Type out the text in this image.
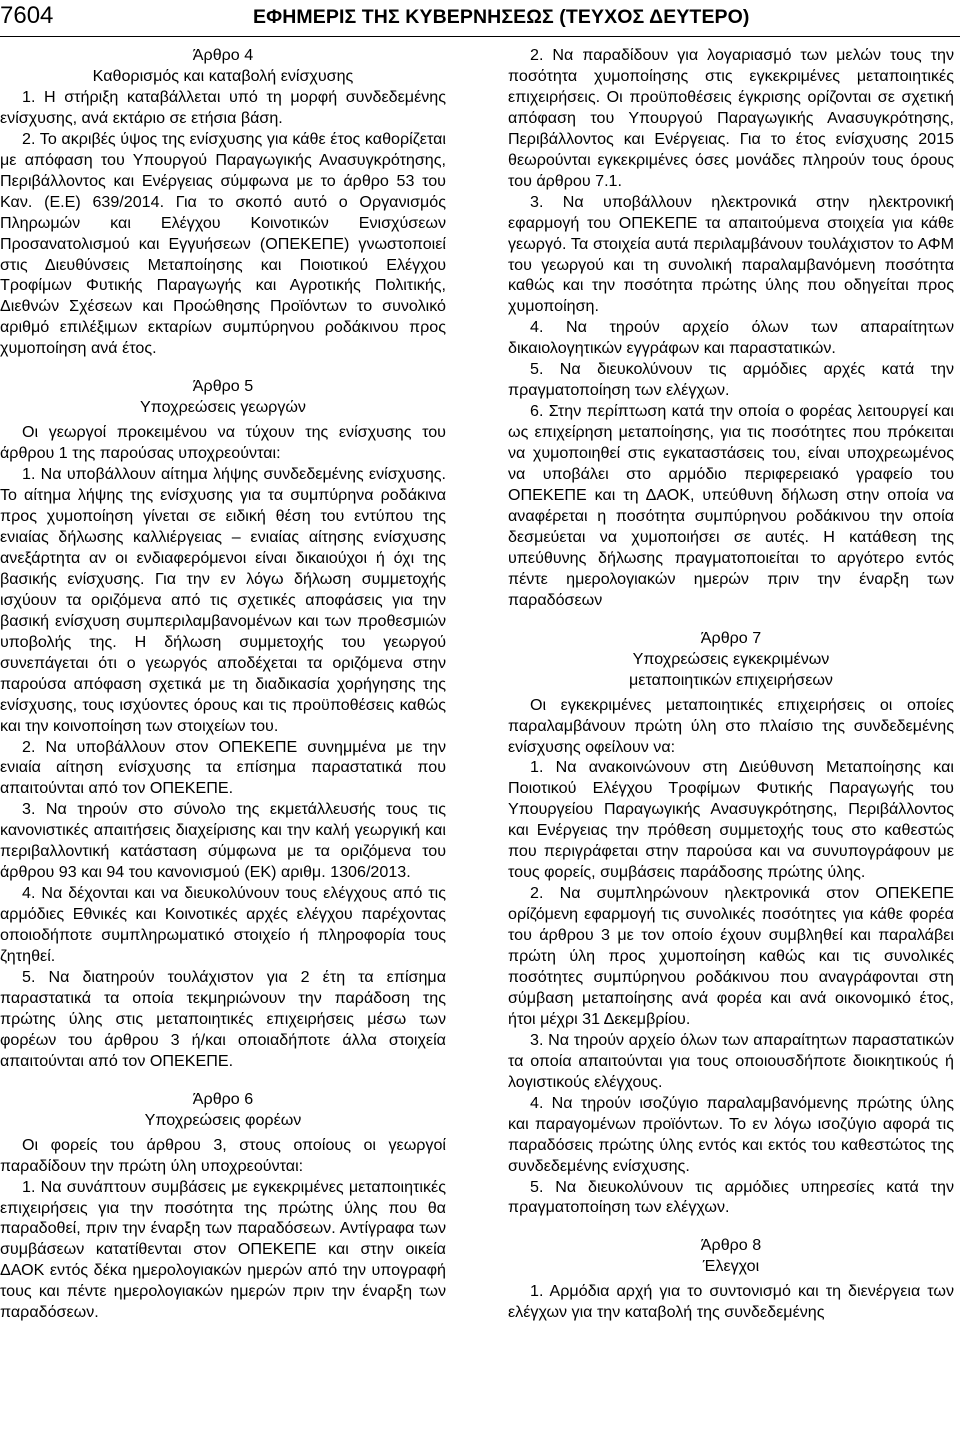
7604	ΕΦΗΜΕΡΙΣ ΤΗΣ ΚΥΒΕΡΝΗΣΕΩΣ (ΤΕΥΧΟΣ ΔΕΥΤΕΡΟ)

Άρθρο 4

Καθορισμός και καταβολή ενίσχυσης

1. Η στήριξη καταβάλλεται υπό τη μορφή συνδεδεμένης ενίσχυσης, ανά εκτάριο σε ετήσια βάση.

2. Το ακριβές ύψος της ενίσχυσης για κάθε έτος καθορίζεται με απόφαση του Υπουργού Παραγωγικής Ανασυγκρότησης, Περιβάλλοντος και Ενέργειας σύμφωνα με το άρθρο 53 του Καν. (Ε.Ε) 639/2014. Για το σκοπό αυτό ο Οργανισμός Πληρωμών και Ελέγχου Κοινοτικών Ενισχύσεων Προσανατολισμού και Εγγυήσεων (ΟΠΕΚΕΠΕ) γνωστοποιεί στις Διευθύνσεις Μεταποίησης και Ποιοτικού Ελέγχου Τροφίμων Φυτικής Παραγωγής και Αγροτικής Πολιτικής, Διεθνών Σχέσεων και Προώθησης Προϊόντων το συνολικό αριθμό επιλέξιμων εκταρίων συμπύρηνου ροδάκινου προς χυμοποίηση ανά έτος.

Άρθρο 5

Υποχρεώσεις γεωργών

Οι γεωργοί προκειμένου να τύχουν της ενίσχυσης του άρθρου 1 της παρούσας υποχρεούνται:

1. Να υποβάλλουν αίτημα λήψης συνδεδεμένης ενίσχυσης. Το αίτημα λήψης της ενίσχυσης για τα συμπύρηνα ροδάκινα προς χυμοποίηση γίνεται σε ειδική θέση του εντύπου της ενιαίας δήλωσης καλλιέργειας – ενιαίας αίτησης ενίσχυσης ανεξάρτητα αν οι ενδιαφερόμενοι είναι δικαιούχοι ή όχι της βασικής ενίσχυσης. Για την εν λόγω δήλωση συμμετοχής ισχύουν τα οριζόμενα από τις σχετικές αποφάσεις για την βασική ενίσχυση συμπεριλαμβανομένων και των προθεσμιών υποβολής της. Η δήλωση συμμετοχής του γεωργού συνεπάγεται ότι ο γεωργός αποδέχεται τα οριζόμενα στην παρούσα απόφαση σχετικά με τη διαδικασία χορήγησης της ενίσχυσης, τους ισχύοντες όρους και τις προϋποθέσεις καθώς και την κοινοποίηση των στοιχείων του.

2. Να υποβάλλουν στον ΟΠΕΚΕΠΕ συνημμένα με την ενιαία αίτηση ενίσχυσης τα επίσημα παραστατικά που απαιτούνται από τον ΟΠΕΚΕΠΕ.

3. Να τηρούν στο σύνολο της εκμετάλλευσής τους τις κανονιστικές απαιτήσεις διαχείρισης και την καλή γεωργική και περιβαλλοντική κατάσταση σύμφωνα με τα οριζόμενα του άρθρου 93 και 94 του κανονισμού (ΕΚ) αριθμ. 1306/2013.

4. Να δέχονται και να διευκολύνουν τους ελέγχους από τις αρμόδιες Εθνικές και Κοινοτικές αρχές ελέγχου παρέχοντας οποιοδήποτε συμπληρωματικό στοιχείο ή πληροφορία τους ζητηθεί.

5. Να διατηρούν τουλάχιστον για 2 έτη τα επίσημα παραστατικά τα οποία τεκμηριώνουν την παράδοση της πρώτης ύλης στις μεταποιητικές επιχειρήσεις μέσω των φορέων του άρθρου 3 ή/και οποιαδήποτε άλλα στοιχεία απαιτούνται από τον ΟΠΕΚΕΠΕ.

Άρθρο 6

Υποχρεώσεις φορέων

Οι φορείς του άρθρου 3, στους οποίους οι γεωργοί παραδίδουν την πρώτη ύλη υποχρεούνται:

1. Να συνάπτουν συμβάσεις με εγκεκριμένες μεταποιητικές επιχειρήσεις για την ποσότητα της πρώτης ύλης που θα παραδοθεί, πριν την έναρξη των παραδόσεων. Αντίγραφα των συμβάσεων κατατίθενται στον ΟΠΕΚΕΠΕ και στην οικεία ΔΑΟΚ εντός δέκα ημερολογιακών ημερών από την υπογραφή τους και πέντε ημερολογιακών ημερών πριν την έναρξη των παραδόσεων.

2. Να παραδίδουν για λογαριασμό των μελών τους την ποσότητα χυμοποίησης στις εγκεκριμένες μεταποιητικές επιχειρήσεις. Οι προϋποθέσεις έγκρισης ορίζονται σε σχετική απόφαση του Υπουργού Παραγωγικής Ανασυγκρότησης, Περιβάλλοντος και Ενέργειας. Για το έτος ενίσχυσης 2015 θεωρούνται εγκεκριμένες όσες μονάδες πληρούν τους όρους του άρθρου 7.1.

3. Να υποβάλλουν ηλεκτρονικά στην ηλεκτρονική εφαρμογή του ΟΠΕΚΕΠΕ τα απαιτούμενα στοιχεία για κάθε γεωργό. Τα στοιχεία αυτά περιλαμβάνουν τουλάχιστον το ΑΦΜ του γεωργού και τη συνολική παραλαμβανόμενη ποσότητα καθώς και την ποσότητα πρώτης ύλης που οδηγείται προς χυμοποίηση.

4. Να τηρούν αρχείο όλων των απαραίτητων δικαιολογητικών εγγράφων και παραστατικών.

5. Να διευκολύνουν τις αρμόδιες αρχές κατά την πραγματοποίηση των ελέγχων.

6. Στην περίπτωση κατά την οποία ο φορέας λειτουργεί και ως επιχείρηση μεταποίησης, για τις ποσότητες που πρόκειται να χυμοποιηθεί στις εγκαταστάσεις του, είναι υποχρεωμένος να υποβάλει στο αρμόδιο περιφερειακό γραφείο του ΟΠΕΚΕΠΕ και τη ΔΑΟΚ, υπεύθυνη δήλωση στην οποία να αναφέρεται η ποσότητα συμπύρηνου ροδάκινου την οποία δεσμεύεται να χυμοποιήσει σε αυτές. Η κατάθεση της υπεύθυνης δήλωσης πραγματοποιείται το αργότερο εντός πέντε ημερολογιακών ημερών πριν την έναρξη των παραδόσεων

Άρθρο 7

Υποχρεώσεις εγκεκριμένων

μεταποιητικών επιχειρήσεων

Οι εγκεκριμένες μεταποιητικές επιχειρήσεις οι οποίες παραλαμβάνουν πρώτη ύλη στο πλαίσιο της συνδεδεμένης ενίσχυσης οφείλουν να:

1. Να ανακοινώνουν στη Διεύθυνση Μεταποίησης και Ποιοτικού Ελέγχου Τροφίμων Φυτικής Παραγωγής του Υπουργείου Παραγωγικής Ανασυγκρότησης, Περιβάλλοντος και Ενέργειας την πρόθεση συμμετοχής τους στο καθεστώς που περιγράφεται στην παρούσα και να συνυπογράφουν με τους φορείς, συμβάσεις παράδοσης πρώτης ύλης.

2. Να συμπληρώνουν ηλεκτρονικά στον ΟΠΕΚΕΠΕ ορίζόμενη εφαρμογή τις συνολικές ποσότητες για κάθε φορέα του άρθρου 3 με τον οποίο έχουν συμβληθεί και παραλάβει πρώτη ύλη προς χυμοποίηση καθώς και τις συνολικές ποσότητες συμπύρηνου ροδάκινου που αναγράφονται στη σύμβαση μεταποίησης ανά φορέα και ανά οικονομικό έτος, ήτοι μέχρι 31 Δεκεμβρίου.

3. Να τηρούν αρχείο όλων των απαραίτητων παραστατικών τα οποία απαιτούνται για τους οποιουσδήποτε διοικητικούς ή λογιστικούς ελέγχους.

4. Να τηρούν ισοζύγιο παραλαμβανόμενης πρώτης ύλης και παραγομένων προϊόντων. Το εν λόγω ισοζύγιο αφορά τις παραδόσεις πρώτης ύλης εντός και εκτός του καθεστώτος της συνδεδεμένης ενίσχυσης.

5. Να διευκολύνουν τις αρμόδιες υπηρεσίες κατά την πραγματοποίηση των ελέγχων.

Άρθρο 8

Έλεγχοι

1. Αρμόδια αρχή για το συντονισμό και τη διενέργεια των ελέγχων για την καταβολή της συνδεδεμένης
